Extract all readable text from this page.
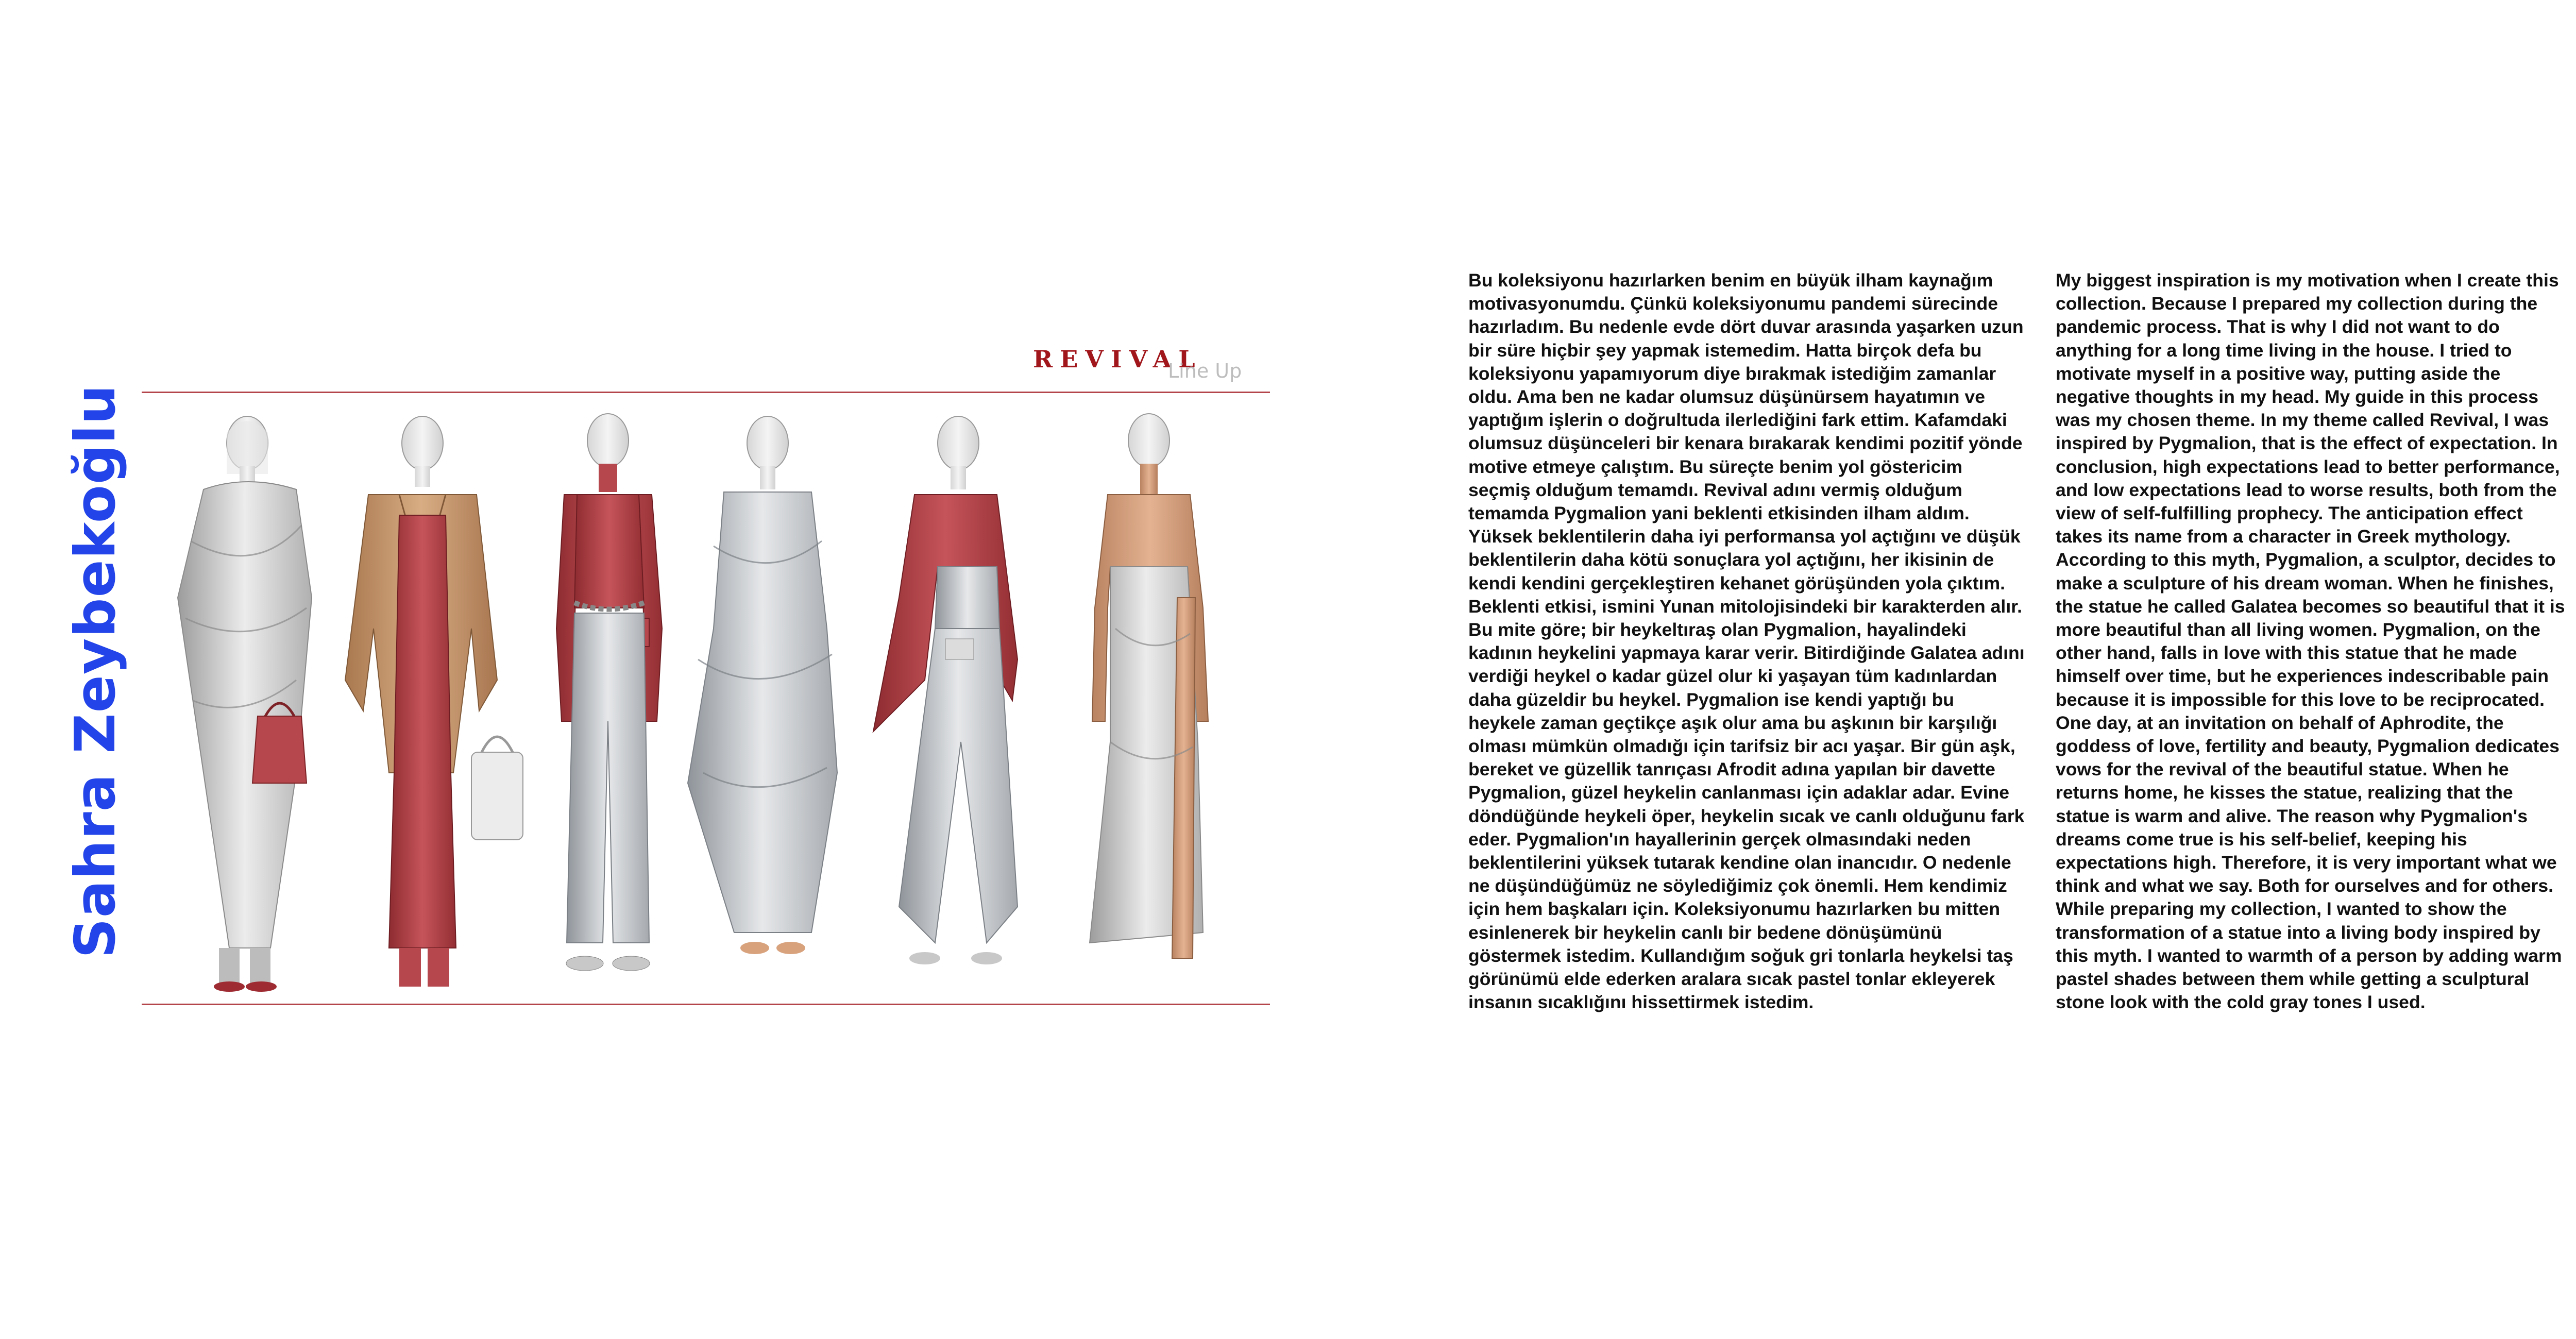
Sahra Zeybekoğlu
REVIVAL
Line Up

Bu koleksiyonu hazırlarken benim en büyük ilham kaynağım motivasyonumdu. Çünkü koleksiyonumu pandemi sürecinde hazırladım. Bu nedenle evde dört duvar arasında yaşarken uzun bir süre hiçbir şey yapmak istemedim. Hatta birçok defa bu koleksiyonu yapamıyorum diye bırakmak istediğim zamanlar oldu. Ama ben ne kadar olumsuz düşünürsem hayatımın ve yaptığım işlerin o doğrultuda ilerlediğini fark ettim. Kafamdaki olumsuz düşünceleri bir kenara bırakarak kendimi pozitif yönde motive etmeye çalıştım. Bu süreçte benim yol göstericim seçmiş olduğum temamdı. Revival adını vermiş olduğum temamda Pygmalion yani beklenti etkisinden ilham aldım. Yüksek beklentilerin daha iyi performansa yol açtığını ve düşük beklentilerin daha kötü sonuçlara yol açtığını, her ikisinin de kendi kendini gerçekleştiren kehanet görüşünden yola çıktım. Beklenti etkisi, ismini Yunan mitolojisindeki bir karakterden alır. Bu mite göre; bir heykeltıraş olan Pygmalion, hayalindeki kadının heykelini yapmaya karar verir. Bitirdiğinde Galatea adını verdiği heykel o kadar güzel olur ki yaşayan tüm kadınlardan daha güzeldir bu heykel. Pygmalion ise kendi yaptığı bu heykele zaman geçtikçe aşık olur ama bu aşkının bir karşılığı olması mümkün olmadığı için tarifsiz bir acı yaşar. Bir gün aşk, bereket ve güzellik tanrıçası Afrodit adına yapılan bir davette Pygmalion, güzel heykelin canlanması için adaklar adar. Evine döndüğünde heykeli öper, heykelin sıcak ve canlı olduğunu fark eder. Pygmalion'ın hayallerinin gerçek olmasındaki neden beklentilerini yüksek tutarak kendine olan inancıdır. O nedenle ne düşündüğümüz ne söylediğimiz çok önemli. Hem kendimiz için hem başkaları için. Koleksiyonumu hazırlarken bu mitten esinlenerek bir heykelin canlı bir bedene dönüşümünü göstermek istedim. Kullandığım soğuk gri tonlarla heykelsi taş görünümü elde ederken aralara sıcak pastel tonlar ekleyerek insanın sıcaklığını hissettirmek istedim.

My biggest inspiration is my motivation when I create this collection. Because I prepared my collection during the pandemic process. That is why I did not want to do anything for a long time living in the house. I tried to motivate myself in a positive way, putting aside the negative thoughts in my head. My guide in this process was my chosen theme. In my theme called Revival, I was inspired by Pygmalion, that is the effect of expectation. In conclusion, high expectations lead to better performance, and low expectations lead to worse results, both from the view of self-fulfilling prophecy. The anticipation effect takes its name from a character in Greek mythology. According to this myth, Pygmalion, a sculptor, decides to make a sculpture of his dream woman. When he finishes, the statue he called Galatea becomes so beautiful that it is more beautiful than all living women. Pygmalion, on the other hand, falls in love with this statue that he made himself over time, but he experiences indescribable pain because it is impossible for this love to be reciprocated. One day, at an invitation on behalf of Aphrodite, the goddess of love, fertility and beauty, Pygmalion dedicates vows for the revival of the beautiful statue. When he returns home, he kisses the statue, realizing that the statue is warm and alive. The reason why Pygmalion's dreams come true is his self-belief, keeping his expectations high. Therefore, it is very important what we think and what we say. Both for ourselves and for others. While preparing my collection, I wanted to show the transformation of a statue into a living body inspired by this myth. I wanted to warmth of a person by adding warm pastel shades between them while getting a sculptural stone look with the cold gray tones I used.
